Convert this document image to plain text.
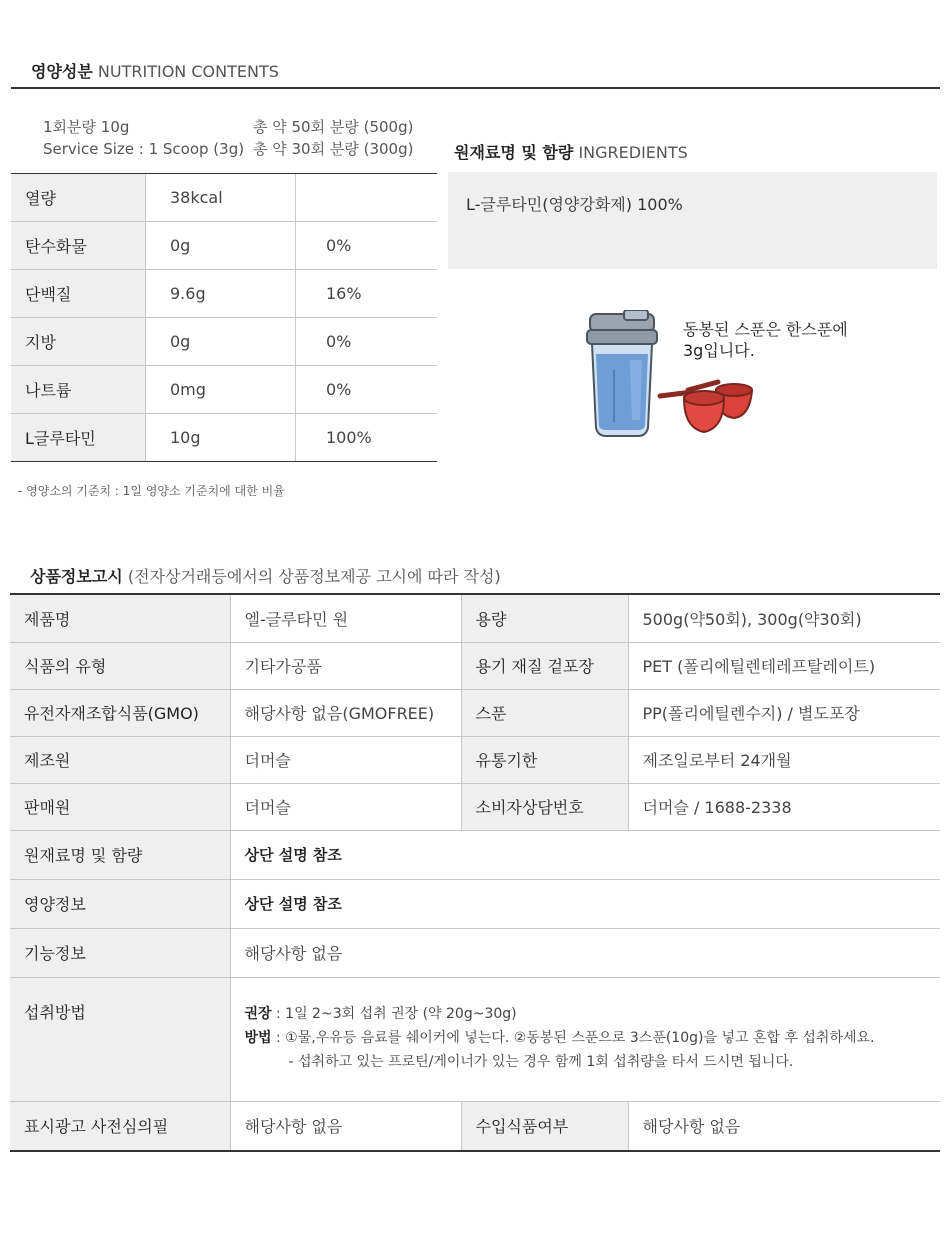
영양성분 NUTRITION CONTENTS
1회분량 10g
Service Size : 1 Scoop (3g)
총 약 50회 분량 (500g)
총 약 30회 분량 (300g)
열량	38kcal	
탄수화물	0g	0%
단백질	9.6g	16%
지방	0g	0%
나트륨	0mg	0%
L글루타민	10g	100%
- 영양소의 기준치 : 1일 영양소 기준치에 대한 비율
원재료명 및 함량 INGREDIENTS
L-글루타민(영양강화제) 100%
동봉된 스푼은 한스푼에
3g입니다.
상품정보고시 (전자상거래등에서의 상품정보제공 고시에 따라 작성)
제품명	엘-글루타민 원	용량	500g(약50회), 300g(약30회)
식품의 유형	기타가공품	용기 재질 겉포장	PET (폴리에틸렌테레프탈레이트)
유전자재조합식품(GMO)	해당사항 없음(GMOFREE)	스푼	PP(폴리에틸렌수지) / 별도포장
제조원	더머슬	유통기한	제조일로부터 24개월
판매원	더머슬	소비자상담번호	더머슬 / 1688-2338
원재료명 및 함량	상단 설명 참조		
영양정보	상단 설명 참조		
기능정보	해당사항 없음		
섭취방법	권장 : 1일 2~3회 섭취 권장 (약 20g~30g)
방법 : ①물,우유등 음료를 쉐이커에 넣는다. ②동봉된 스푼으로 3스푼(10g)을 넣고 혼합 후 섭취하세요.
- 섭취하고 있는 프로틴/게이너가 있는 경우 함께 1회 섭취량을 타서 드시면 됩니다.		

표시광고 사전심의필	해당사항 없음	수입식품여부	해당사항 없음
